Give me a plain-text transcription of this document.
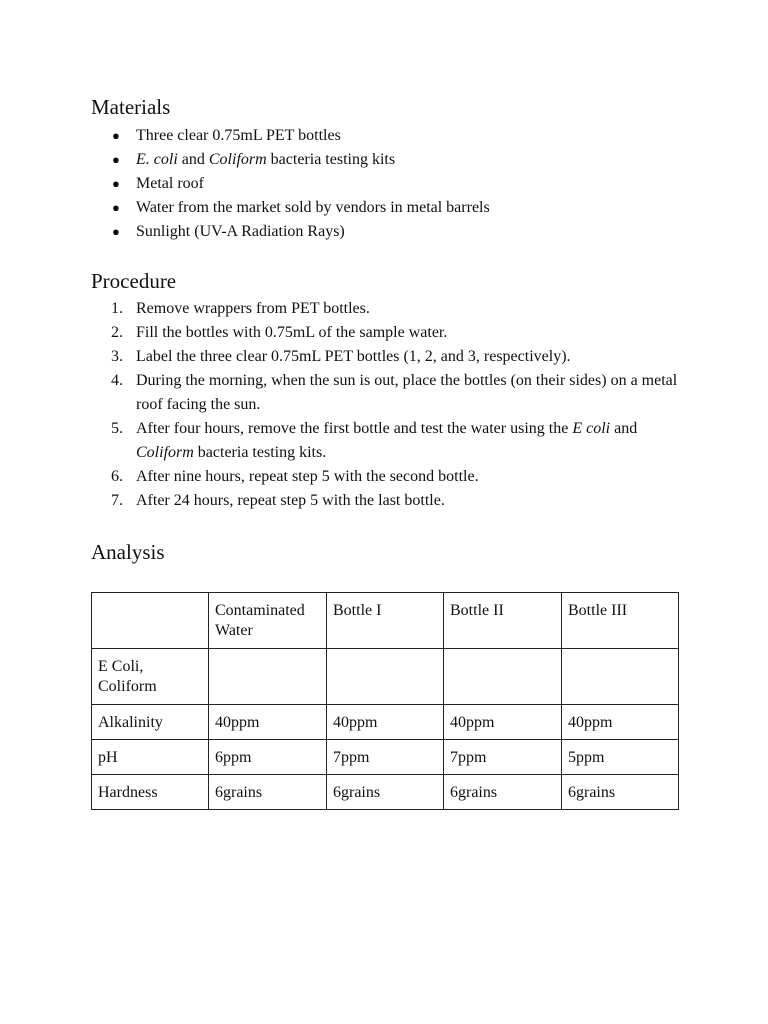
Materials
● Three clear 0.75mL PET bottles
● E. coli and Coliform bacteria testing kits
● Metal roof
● Water from the market sold by vendors in metal barrels
● Sunlight (UV-A Radiation Rays)
Procedure
1. Remove wrappers from PET bottles.
2. Fill the bottles with 0.75mL of the sample water.
3. Label the three clear 0.75mL PET bottles (1, 2, and 3, respectively).
4. During the morning, when the sun is out, place the bottles (on their sides) on a metal roof facing the sun.
5. After four hours, remove the first bottle and test the water using the E coli and Coliform bacteria testing kits.
6. After nine hours, repeat step 5 with the second bottle.
7. After 24 hours, repeat step 5 with the last bottle.
Analysis
	Contaminated Water	Bottle I	Bottle II	Bottle III
E Coli, Coliform				
Alkalinity	40ppm	40ppm	40ppm	40ppm
pH	6ppm	7ppm	7ppm	5ppm
Hardness	6grains	6grains	6grains	6grains
